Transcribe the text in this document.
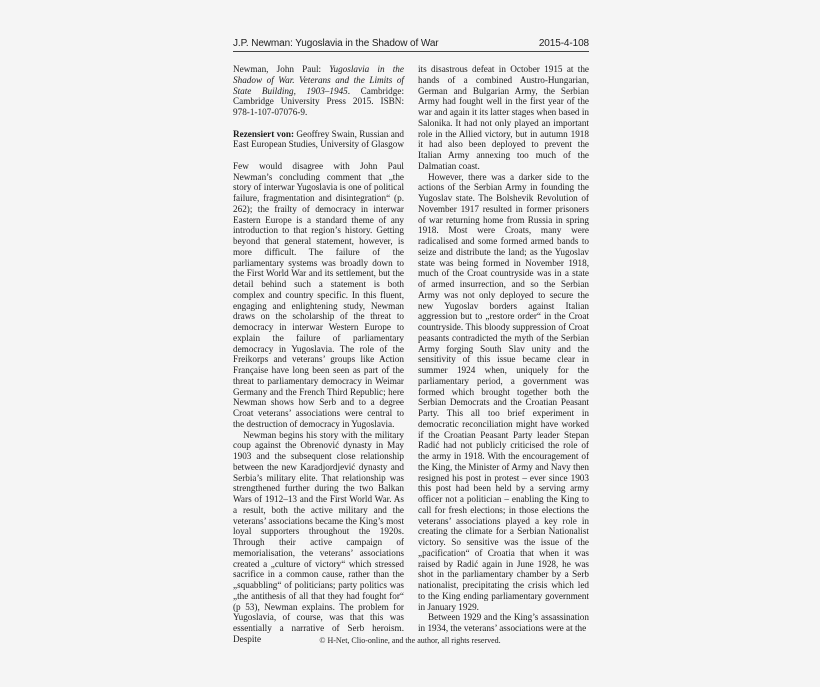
J.P. Newman: Yugoslavia in the Shadow of War	2015-4-108

Newman, John Paul: Yugoslavia in the Shadow of War. Veterans and the Limits of State Building, 1903–1945. Cambridge: Cambridge University Press 2015. ISBN: 978-1-107-07076-9.

Rezensiert von: Geoffrey Swain, Russian and East European Studies, University of Glasgow

Few would disagree with John Paul Newman’s concluding comment that „the story of interwar Yugoslavia is one of political failure, fragmentation and disintegration“ (p. 262); the frailty of democracy in interwar Eastern Europe is a standard theme of any introduction to that region’s history. Getting beyond that general statement, however, is more difficult. The failure of the parliamentary systems was broadly down to the First World War and its settlement, but the detail behind such a statement is both complex and country specific. In this fluent, engaging and enlightening study, Newman draws on the scholarship of the threat to democracy in interwar Western Europe to explain the failure of parliamentary democracy in Yugoslavia. The role of the Freikorps and veterans’ groups like Action Française have long been seen as part of the threat to parliamentary democracy in Weimar Germany and the French Third Republic; here Newman shows how Serb and to a degree Croat veterans’ associations were central to the destruction of democracy in Yugoslavia.

Newman begins his story with the military coup against the Obrenović dynasty in May 1903 and the subsequent close relationship between the new Karadjordjević dynasty and Serbia’s military elite. That relationship was strengthened further during the two Balkan Wars of 1912–13 and the First World War. As a result, both the active military and the veterans’ associations became the King’s most loyal supporters throughout the 1920s. Through their active campaign of memorialisation, the veterans’ associations created a „culture of victory“ which stressed sacrifice in a common cause, rather than the „squabbling“ of politicians; party politics was „the antithesis of all that they had fought for“ (p 53), Newman explains. The problem for Yugoslavia, of course, was that this was essentially a narrative of Serb heroism. Despite

its disastrous defeat in October 1915 at the hands of a combined Austro-Hungarian, German and Bulgarian Army, the Serbian Army had fought well in the first year of the war and again it its latter stages when based in Salonika. It had not only played an important role in the Allied victory, but in autumn 1918 it had also been deployed to prevent the Italian Army annexing too much of the Dalmatian coast.

However, there was a darker side to the actions of the Serbian Army in founding the Yugoslav state. The Bolshevik Revolution of November 1917 resulted in former prisoners of war returning home from Russia in spring 1918. Most were Croats, many were radicalised and some formed armed bands to seize and distribute the land; as the Yugoslav state was being formed in November 1918, much of the Croat countryside was in a state of armed insurrection, and so the Serbian Army was not only deployed to secure the new Yugoslav borders against Italian aggression but to „restore order“ in the Croat countryside. This bloody suppression of Croat peasants contradicted the myth of the Serbian Army forging South Slav unity and the sensitivity of this issue became clear in summer 1924 when, uniquely for the parliamentary period, a government was formed which brought together both the Serbian Democrats and the Croatian Peasant Party. This all too brief experiment in democratic reconciliation might have worked if the Croatian Peasant Party leader Stepan Radić had not publicly criticised the role of the army in 1918. With the encouragement of the King, the Minister of Army and Navy then resigned his post in protest – ever since 1903 this post had been held by a serving army officer not a politician – enabling the King to call for fresh elections; in those elections the veterans’ associations played a key role in creating the climate for a Serbian Nationalist victory. So sensitive was the issue of the „pacification“ of Croatia that when it was raised by Radić again in June 1928, he was shot in the parliamentary chamber by a Serb nationalist, precipitating the crisis which led to the King ending parliamentary government in January 1929.

Between 1929 and the King’s assassination in 1934, the veterans’ associations were at the

© H-Net, Clio-online, and the author, all rights reserved.
